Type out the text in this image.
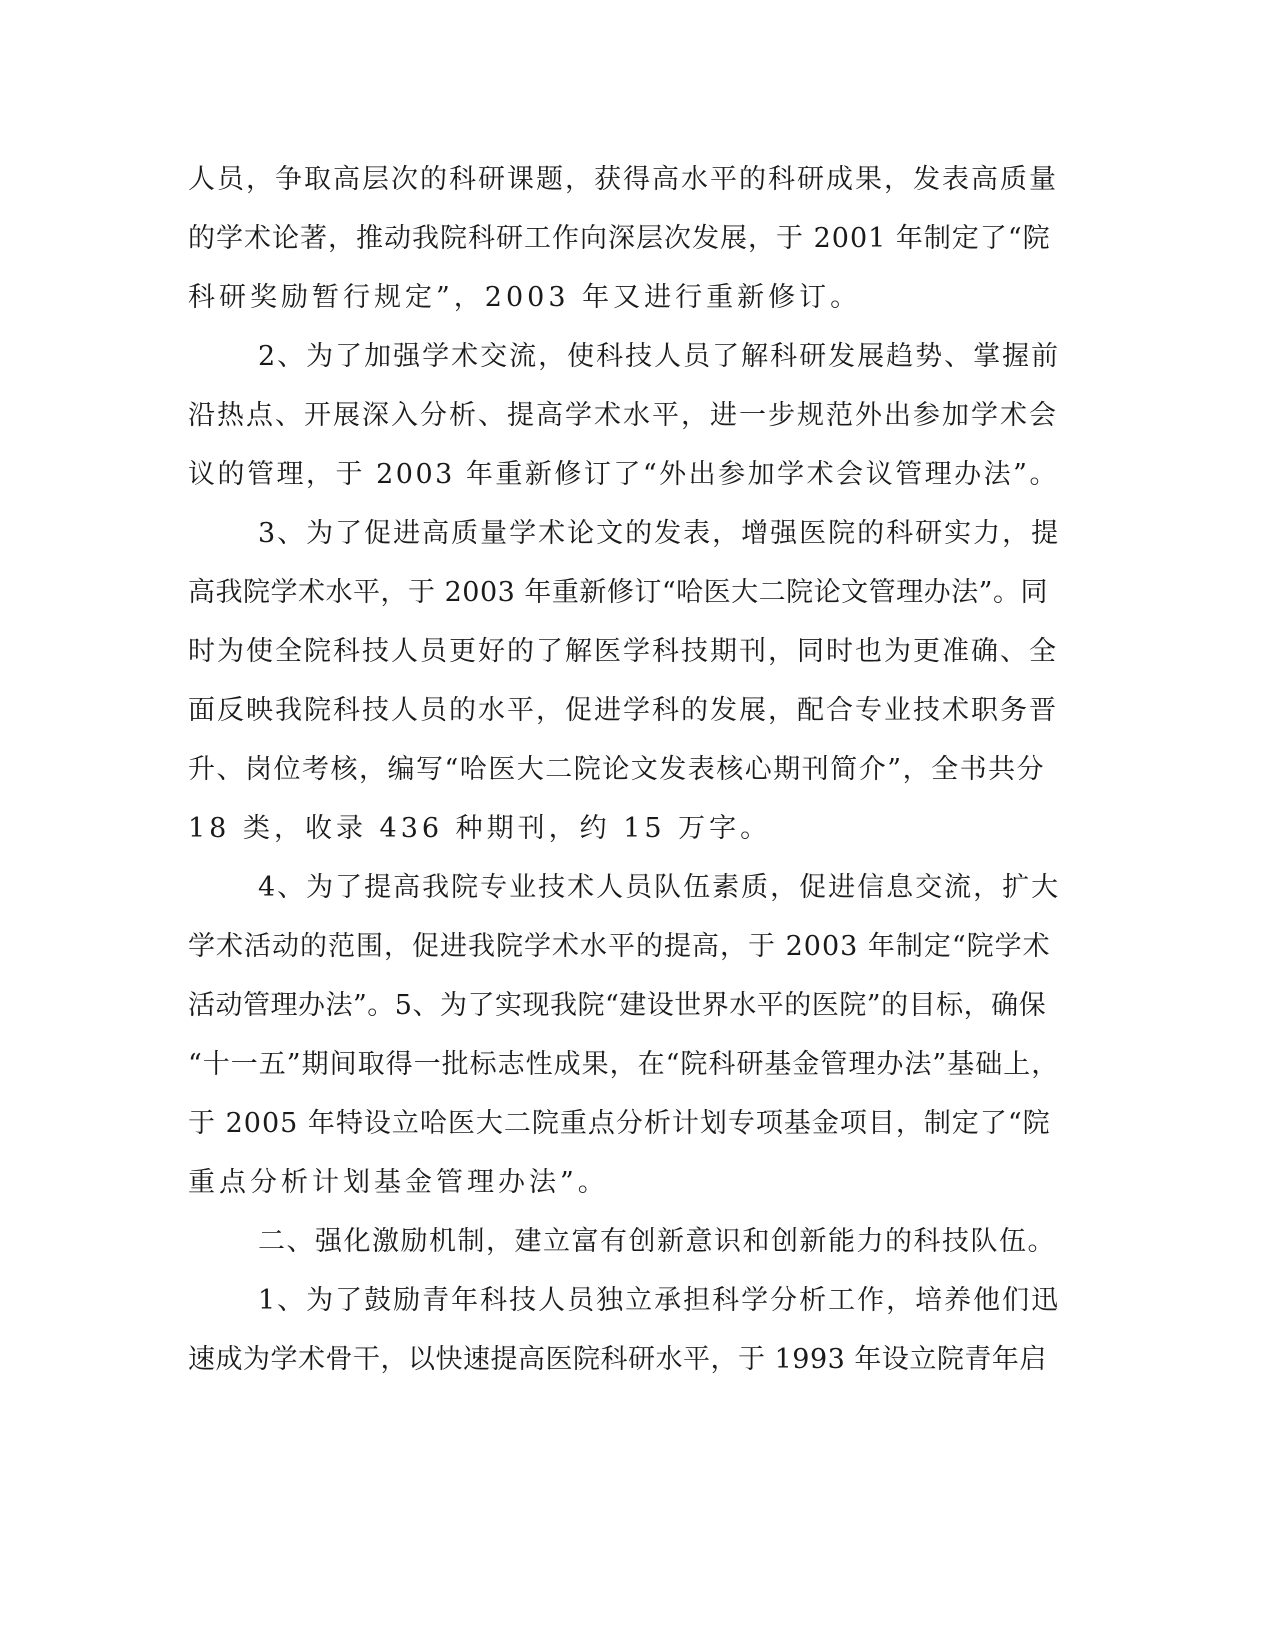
人员，争取高层次的科研课题，获得高水平的科研成果，发表高质量
的学术论著，推动我院科研工作向深层次发展，于 2001 年制定了“院
科研奖励暂行规定”，2003 年又进行重新修订。
2、为了加强学术交流，使科技人员了解科研发展趋势、掌握前
沿热点、开展深入分析、提高学术水平，进一步规范外出参加学术会
议的管理，于 2003 年重新修订了“外出参加学术会议管理办法”。
3、为了促进高质量学术论文的发表，增强医院的科研实力，提
高我院学术水平，于 2003 年重新修订“哈医大二院论文管理办法”。同
时为使全院科技人员更好的了解医学科技期刊，同时也为更准确、全
面反映我院科技人员的水平，促进学科的发展，配合专业技术职务晋
升、岗位考核，编写“哈医大二院论文发表核心期刊简介”，全书共分
18 类，收录 436 种期刊，约 15 万字。
4、为了提高我院专业技术人员队伍素质，促进信息交流，扩大
学术活动的范围，促进我院学术水平的提高，于 2003 年制定“院学术
活动管理办法”。5、为了实现我院“建设世界水平的医院”的目标，确保
“十一五”期间取得一批标志性成果，在“院科研基金管理办法”基础上，
于 2005 年特设立哈医大二院重点分析计划专项基金项目，制定了“院
重点分析计划基金管理办法”。
二、强化激励机制，建立富有创新意识和创新能力的科技队伍。
1、为了鼓励青年科技人员独立承担科学分析工作，培养他们迅
速成为学术骨干，以快速提高医院科研水平，于 1993 年设立院青年启
